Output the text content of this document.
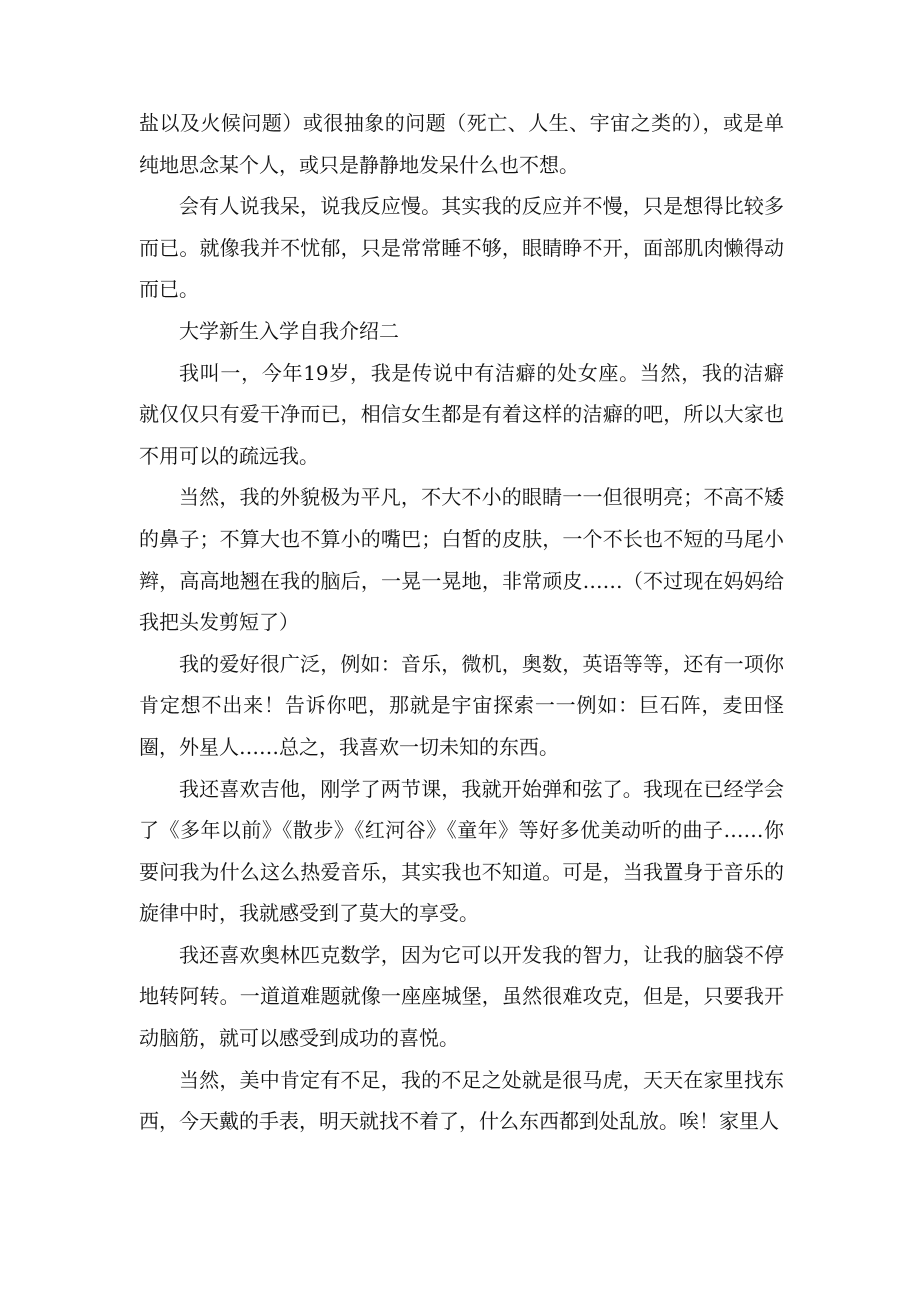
盐以及火候问题）或很抽象的问题（死亡、人生、宇宙之类的），或是单纯地思念某个人，或只是静静地发呆什么也不想。

会有人说我呆，说我反应慢。其实我的反应并不慢，只是想得比较多而已。就像我并不忧郁，只是常常睡不够，眼睛睁不开，面部肌肉懒得动而已。

大学新生入学自我介绍二

我叫一，今年19岁，我是传说中有洁癖的处女座。当然，我的洁癖就仅仅只有爱干净而已，相信女生都是有着这样的洁癖的吧，所以大家也不用可以的疏远我。

当然，我的外貌极为平凡，不大不小的眼睛一一但很明亮；不高不矮的鼻子；不算大也不算小的嘴巴；白皙的皮肤，一个不长也不短的马尾小辫，高高地翘在我的脑后，一晃一晃地，非常顽皮……（不过现在妈妈给我把头发剪短了）

我的爱好很广泛，例如：音乐，微机，奥数，英语等等，还有一项你肯定想不出来！告诉你吧，那就是宇宙探索一一例如：巨石阵，麦田怪圈，外星人……总之，我喜欢一切未知的东西。

我还喜欢吉他，刚学了两节课，我就开始弹和弦了。我现在已经学会了《多年以前》《散步》《红河谷》《童年》等好多优美动听的曲子……你要问我为什么这么热爱音乐，其实我也不知道。可是，当我置身于音乐的旋律中时，我就感受到了莫大的享受。

我还喜欢奥林匹克数学，因为它可以开发我的智力，让我的脑袋不停地转阿转。一道道难题就像一座座城堡，虽然很难攻克，但是，只要我开动脑筋，就可以感受到成功的喜悦。

当然，美中肯定有不足，我的不足之处就是很马虎，天天在家里找东西，今天戴的手表，明天就找不着了，什么东西都到处乱放。唉！家里人
